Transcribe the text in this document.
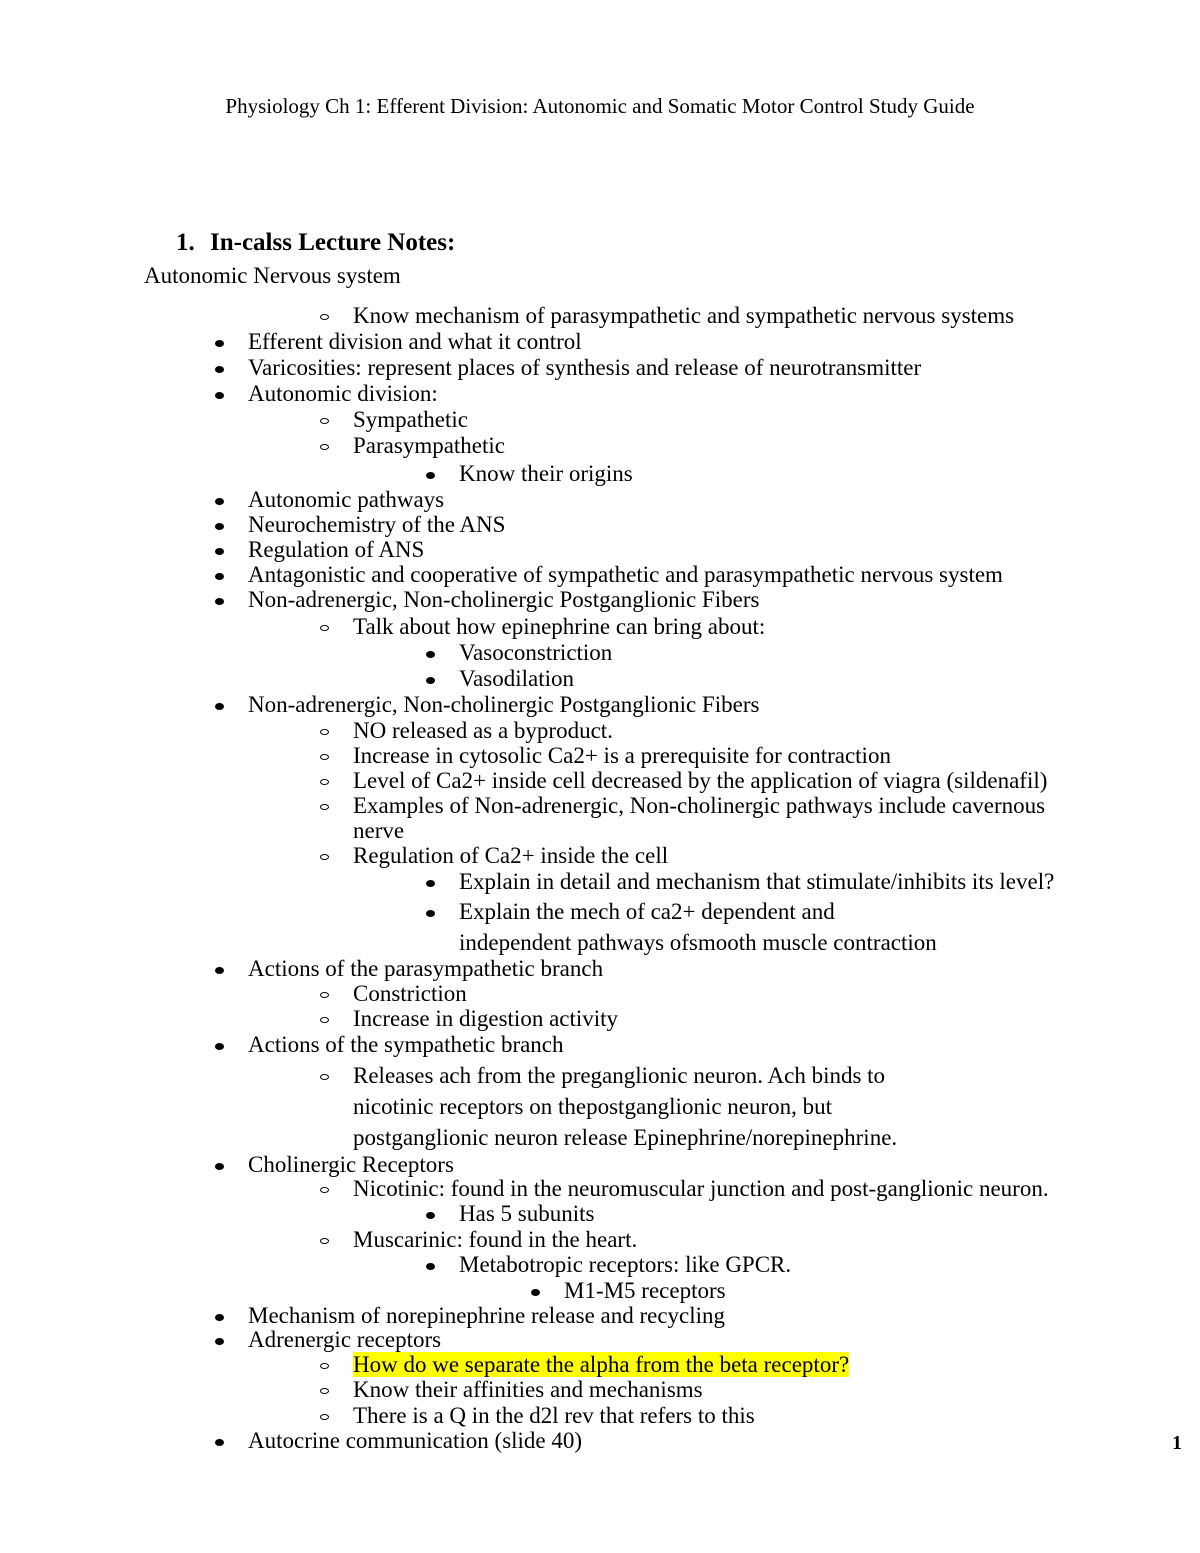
Physiology Ch 1: Efferent Division: Autonomic and Somatic Motor Control Study Guide
1. In-calss Lecture Notes:
Autonomic Nervous system
Know mechanism of parasympathetic and sympathetic nervous systems
Efferent division and what it control
Varicosities: represent places of synthesis and release of neurotransmitter
Autonomic division:
Sympathetic
Parasympathetic
Know their origins
Autonomic pathways
Neurochemistry of the ANS
Regulation of ANS
Antagonistic and cooperative of sympathetic and parasympathetic nervous system
Non-adrenergic, Non-cholinergic Postganglionic Fibers
Talk about how epinephrine can bring about:
Vasoconstriction
Vasodilation
Non-adrenergic, Non-cholinergic Postganglionic Fibers
NO released as a byproduct.
Increase in cytosolic Ca2+ is a prerequisite for contraction
Level of Ca2+ inside cell decreased by the application of viagra (sildenafil)
Examples of Non-adrenergic, Non-cholinergic pathways include cavernous
nerve
Regulation of Ca2+ inside the cell
Explain in detail and mechanism that stimulate/inhibits its level?
Explain the mech of ca2+ dependent and
independent pathways ofsmooth muscle contraction
Actions of the parasympathetic branch
Constriction
Increase in digestion activity
Actions of the sympathetic branch
Releases ach from the preganglionic neuron. Ach binds to
nicotinic receptors on thepostganglionic neuron, but
postganglionic neuron release Epinephrine/norepinephrine.
Cholinergic Receptors
Nicotinic: found in the neuromuscular junction and post-ganglionic neuron.
Has 5 subunits
Muscarinic: found in the heart.
Metabotropic receptors: like GPCR.
M1-M5 receptors
Mechanism of norepinephrine release and recycling
Adrenergic receptors
How do we separate the alpha from the beta receptor?
Know their affinities and mechanisms
There is a Q in the d2l rev that refers to this
Autocrine communication (slide 40)	1
